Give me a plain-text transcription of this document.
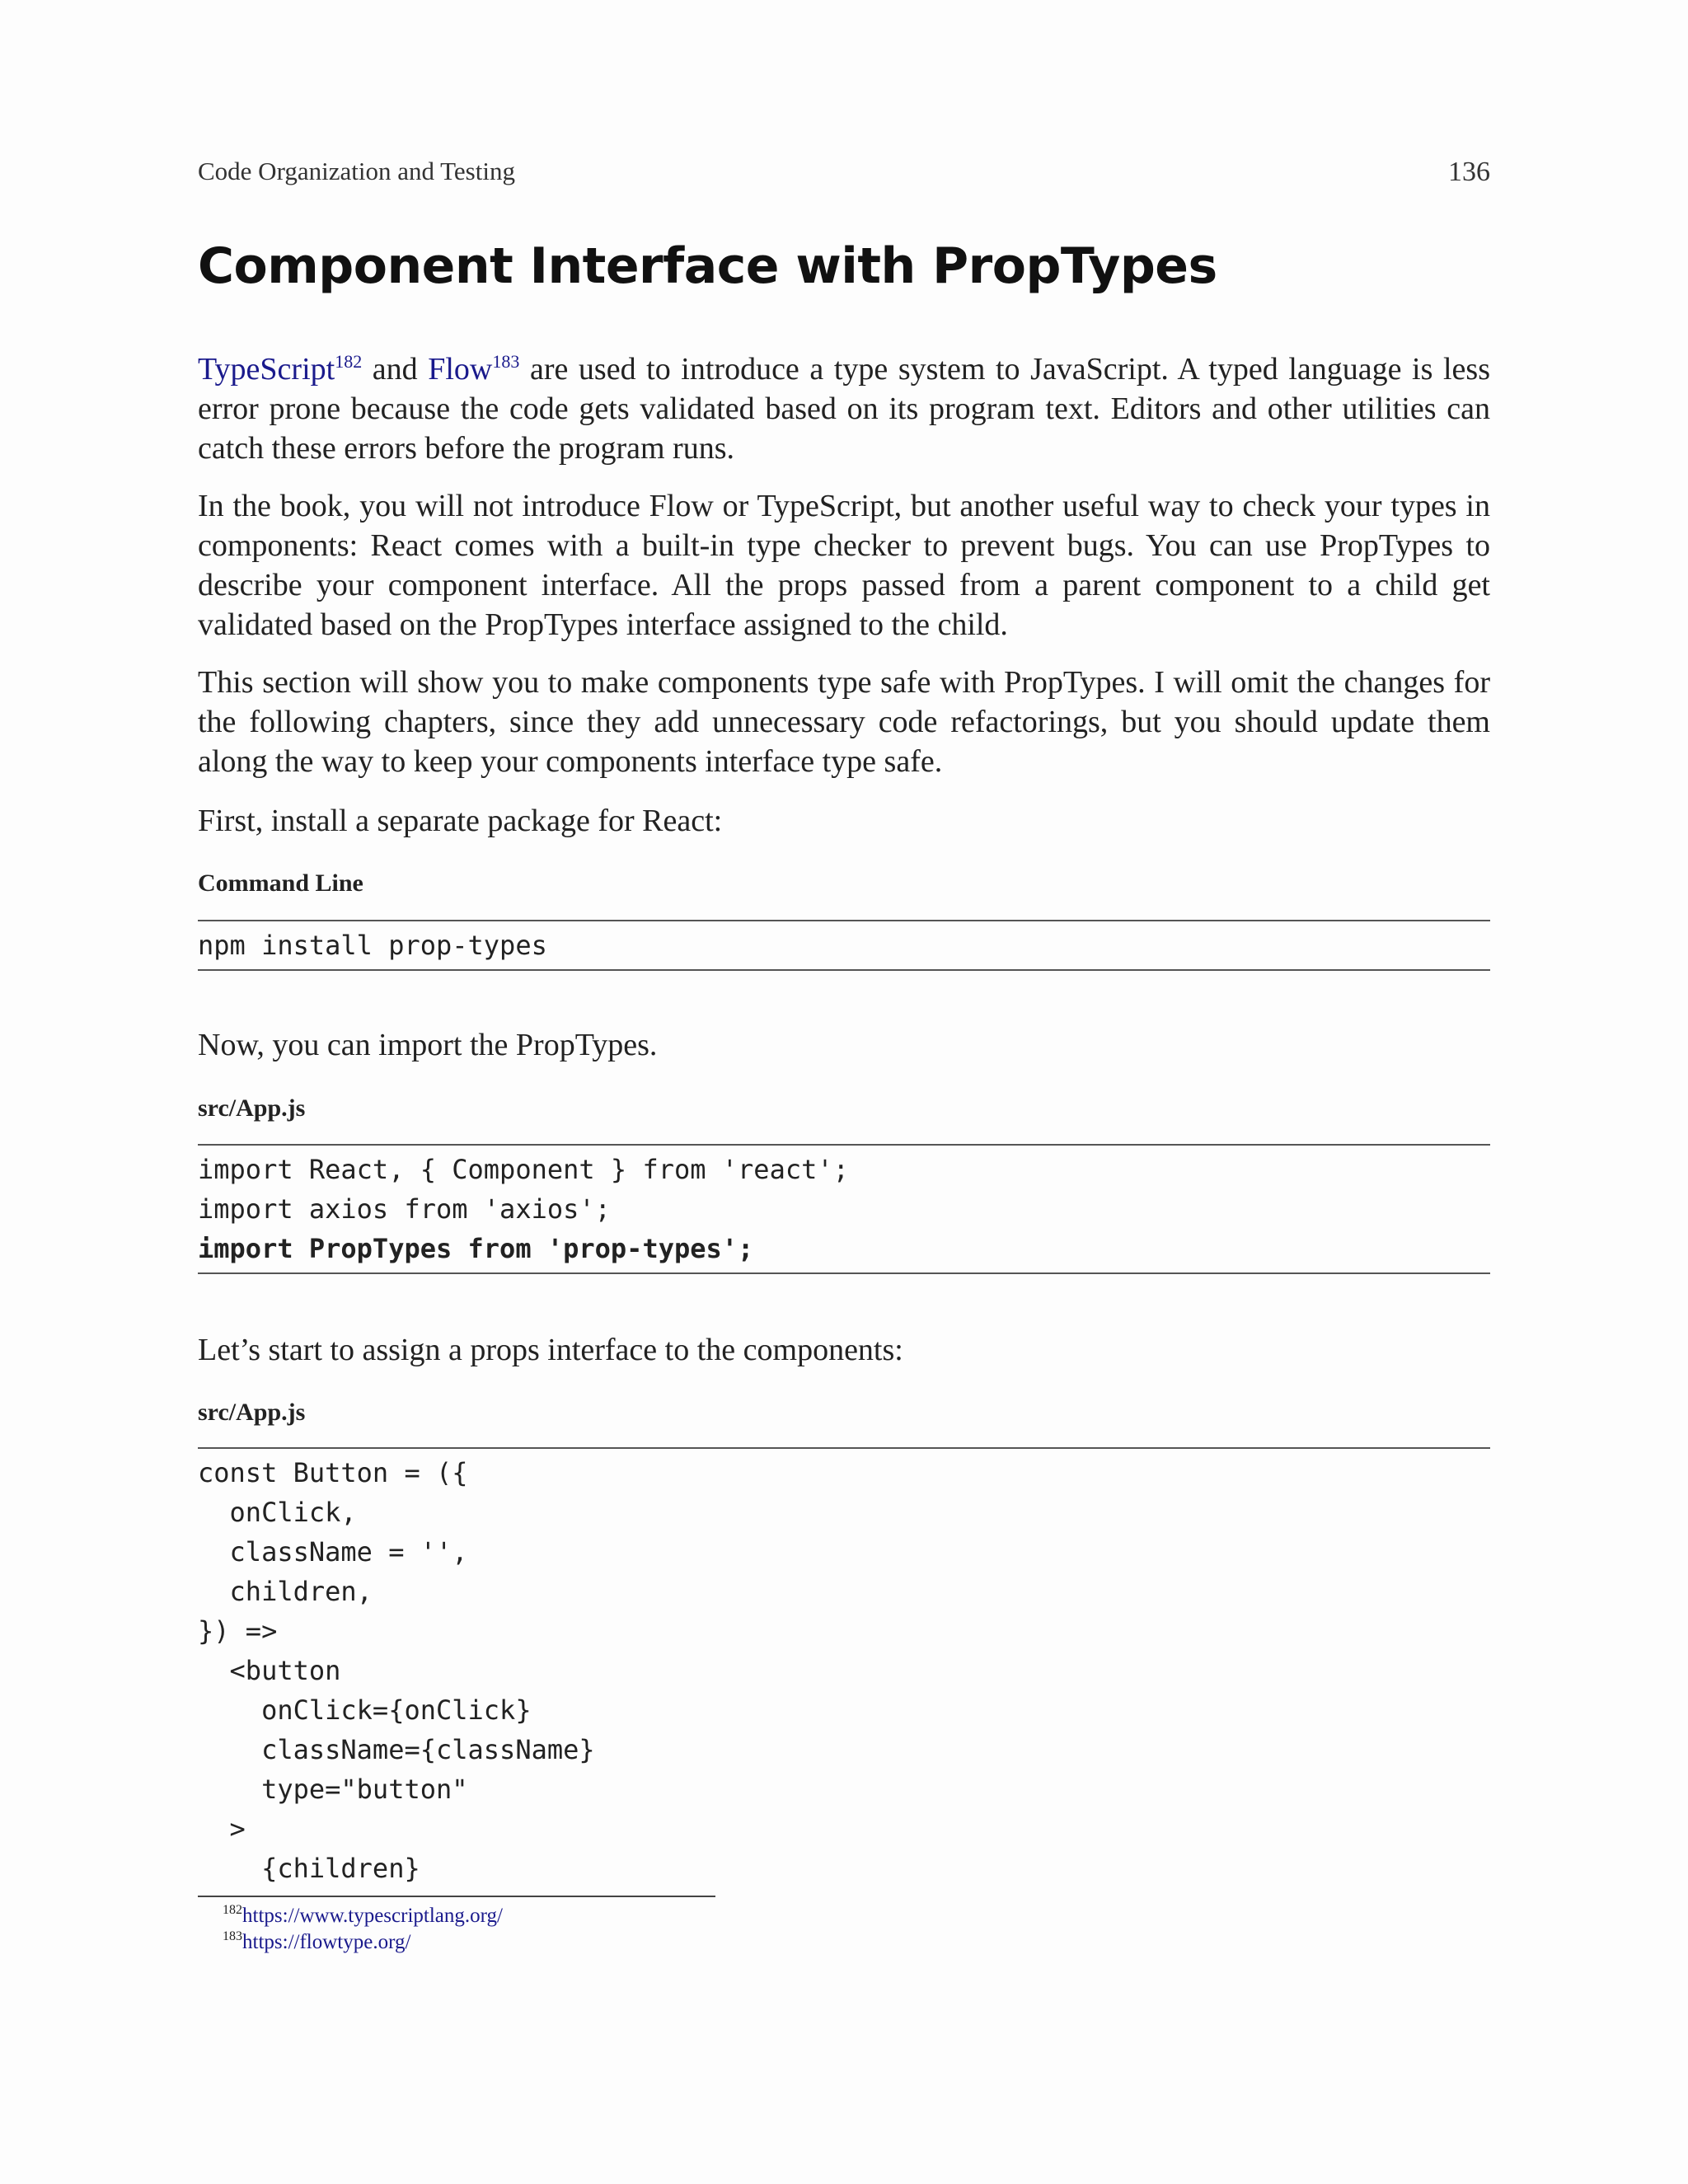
Code Organization and Testing	136
Component Interface with PropTypes

TypeScript$^{182}$ and Flow$^{183}$ are used to introduce a type system to JavaScript. A typed language is less error prone because the code gets validated based on its program text. Editors and other utilities can catch these errors before the program runs.

In the book, you will not introduce Flow or TypeScript, but another useful way to check your types in components: React comes with a built-in type checker to prevent bugs. You can use PropTypes to describe your component interface. All the props passed from a parent component to a child get validated based on the PropTypes interface assigned to the child.

This section will show you to make components type safe with PropTypes. I will omit the changes for the following chapters, since they add unnecessary code refactorings, but you should update them along the way to keep your components interface type safe.

First, install a separate package for React:

Command Line
npm install prop-types

Now, you can import the PropTypes.

src/App.js
import React, { Component } from 'react';
import axios from 'axios';
import PropTypes from 'prop-types';

Let’s start to assign a props interface to the components:

src/App.js
const Button = ({
onClick,
className = '',
children,
}) =>
<button
onClick={onClick}
className={className}
type="button"
>
{children}
$^{182}$https://www.typescriptlang.org/
$^{183}$https://flowtype.org/
